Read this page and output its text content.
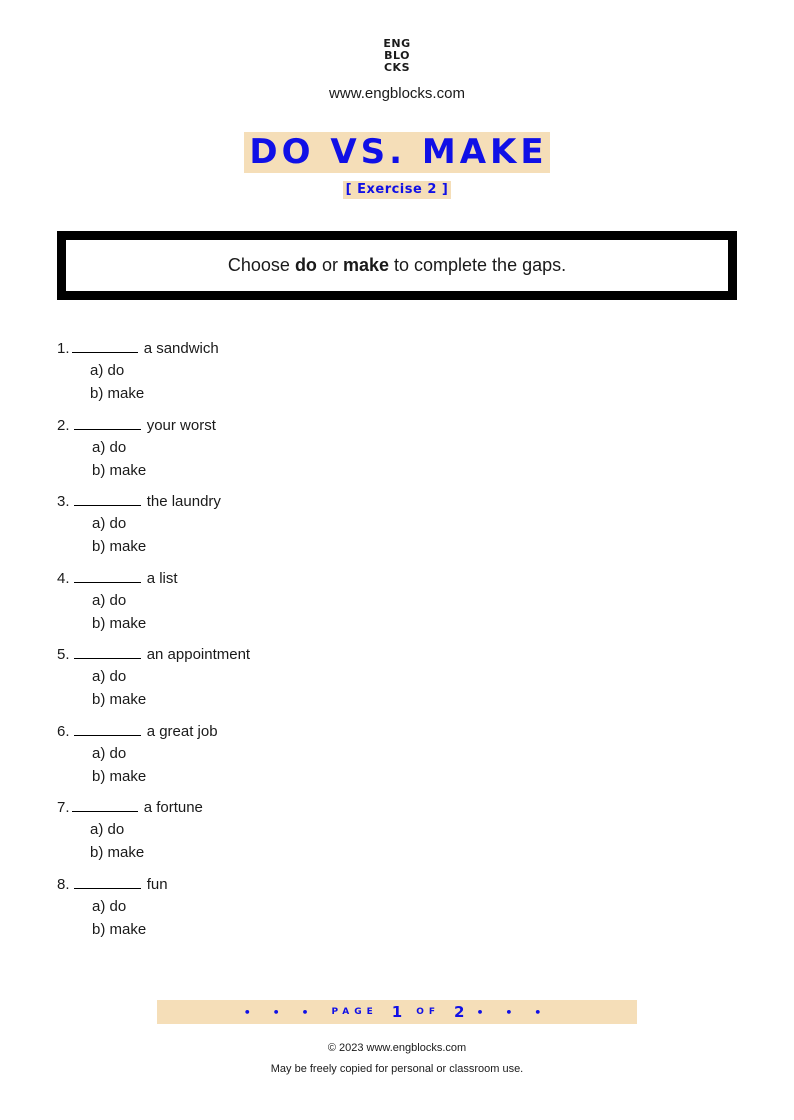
ENG
BLO
CKS
www.engblocks.com
DO VS. MAKE
[ Exercise 2 ]
Choose do or make to complete the gaps.
1.	a sandwich
a) do
b) make
2.	your worst
a) do
b) make
3.	the laundry
a) do
b) make
4.	a list
a) do
b) make
5.	an appointment
a) do
b) make
6.	a great job
a) do
b) make
7.	a fortune
a) do
b) make
8.	fun
a) do
b) make
• • • PAGE 1 OF 2 • • •
© 2023 www.engblocks.com
May be freely copied for personal or classroom use.
